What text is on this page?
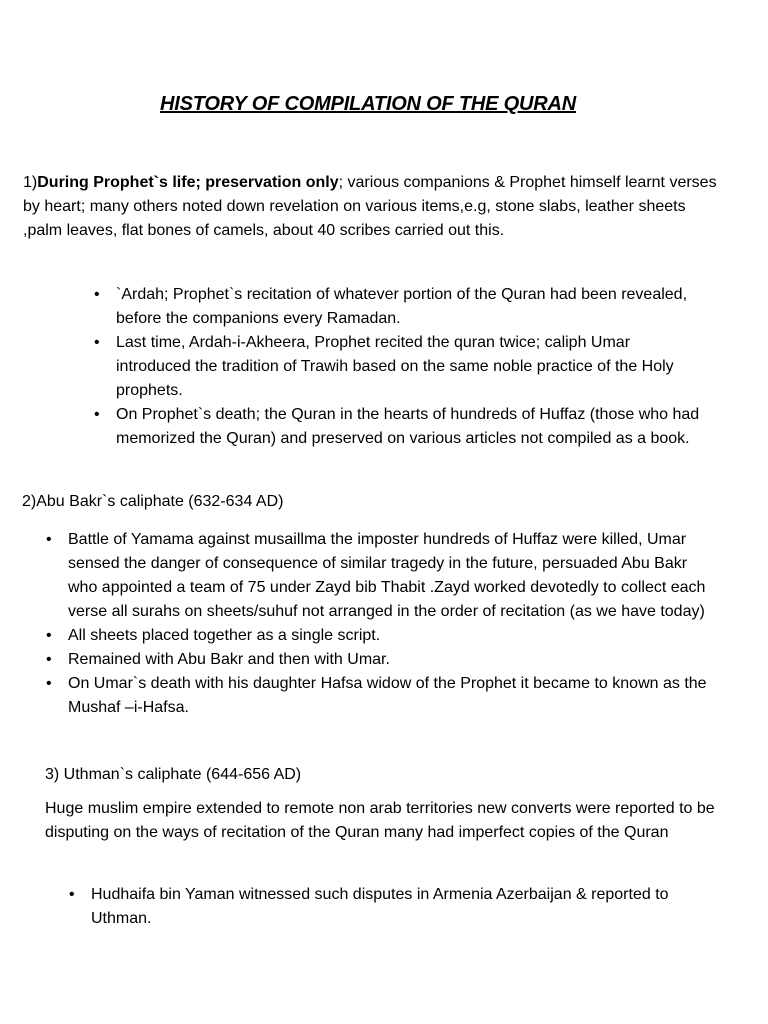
HISTORY OF COMPILATION OF THE QURAN

1)During Prophet`s life; preservation only; various companions & Prophet himself learnt verses by heart; many others noted down revelation on various items,e.g, stone slabs, leather sheets ,palm leaves, flat bones of camels, about 40 scribes carried out this.

• `Ardah; Prophet`s recitation of whatever portion of the Quran had been revealed, before the companions every Ramadan.
• Last time, Ardah-i-Akheera, Prophet recited the quran twice; caliph Umar introduced the tradition of Trawih based on the same noble practice of the Holy prophets.
• On Prophet`s death; the Quran in the hearts of hundreds of Huffaz (those who had memorized the Quran) and preserved on various articles not compiled as a book.

2)Abu Bakr`s caliphate (632-634 AD)

• Battle of Yamama against musaillma the imposter hundreds of Huffaz were killed, Umar sensed the danger of consequence of similar tragedy in the future, persuaded Abu Bakr who appointed a team of 75 under Zayd bib Thabit .Zayd worked devotedly to collect each verse all surahs on sheets/suhuf not arranged in the order of recitation (as we have today)
• All sheets placed together as a single script.
• Remained with Abu Bakr and then with Umar.
• On Umar`s death with his daughter Hafsa widow of the Prophet it became to known as the Mushaf –i-Hafsa.

3) Uthman`s caliphate (644-656 AD)

Huge muslim empire extended to remote non arab territories new converts were reported to be disputing on the ways of recitation of the Quran many had imperfect copies of the Quran

• Hudhaifa bin Yaman witnessed such disputes in Armenia Azerbaijan & reported to Uthman.
